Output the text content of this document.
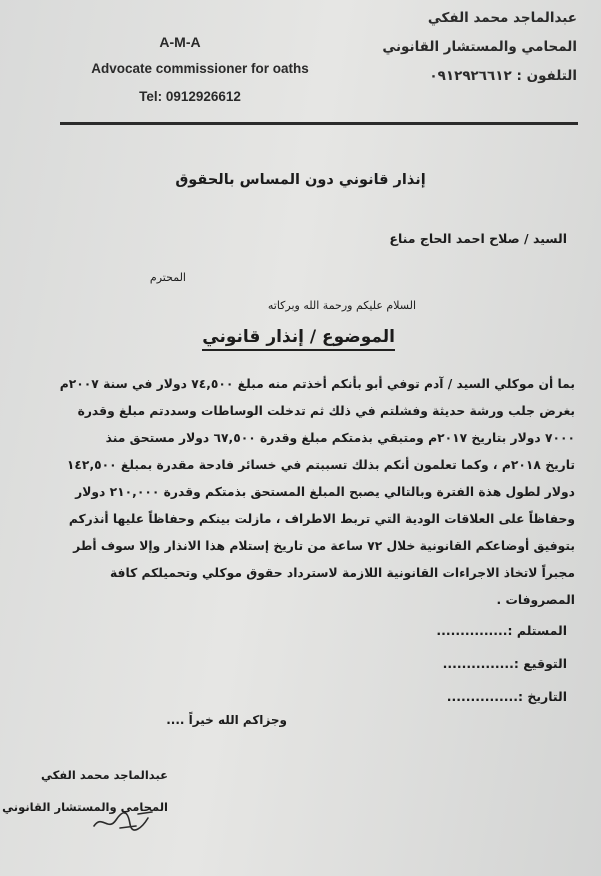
A-M-A
Advocate commissioner for oaths
Tel: 0912926612
عبدالماجد محمد الفكي
المحامي والمستشار القانوني
التلفون : ٠٩١٢٩٢٦٦١٢
إنذار قانوني دون المساس بالحقوق
السيد / صلاح احمد الحاج مناع
المحترم
السلام عليكم ورحمة الله وبركاته
الموضوع / إنذار قانوني
بما أن موكلي السيد / آدم توفي أبو بأنكم أخذتم منه مبلغ ٧٤,٥٠٠ دولار في سنة ٢٠٠٧م
بغرض جلب ورشة حديثة وفشلتم في ذلك ثم تدخلت الوساطات وسددتم مبلغ وقدرة
٧٠٠٠ دولار بتاريخ ٢٠١٧م ومتبقي بذمتكم مبلغ وقدرة ٦٧,٥٠٠ دولار مستحق منذ
تاريخ ٢٠١٨م ، وكما تعلمون أنكم بذلك تسببتم في خسائر فادحة مقدرة بمبلغ ١٤٢,٥٠٠
دولار لطول هذة الفترة وبالتالي يصبح المبلغ المستحق بذمتكم وقدرة ٢١٠,٠٠٠ دولار
وحفاظاً على العلاقات الودية التي تربط الاطراف ، مازلت بينكم وحفاظاً عليها أنذركم
بتوفيق أوضاعكم القانونية خلال ٧٢ ساعة من تاريخ إستلام هذا الانذار وإلا سوف أطر
مجبراً لاتخاذ الاجراءات القانونية اللازمة لاسترداد حقوق موكلي وتحميلكم كافة
المصروفات .
المستلم :...............
التوقيع :...............
التاريخ :...............
وجزاكم الله خيراً ....
عبدالماجد محمد الفكي
المحامي والمستشار القانوني
